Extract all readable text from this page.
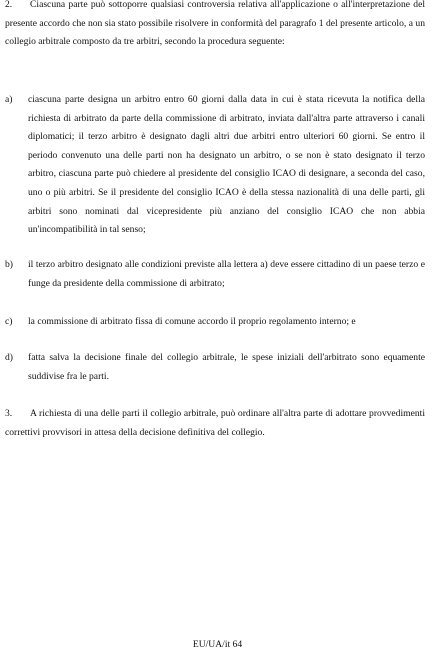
2. Ciascuna parte può sottoporre qualsiasi controversia relativa all'applicazione o all'interpretazione del presente accordo che non sia stato possibile risolvere in conformità del paragrafo 1 del presente articolo, a un collegio arbitrale composto da tre arbitri, secondo la procedura seguente:

a) ciascuna parte designa un arbitro entro 60 giorni dalla data in cui è stata ricevuta la notifica della richiesta di arbitrato da parte della commissione di arbitrato, inviata dall'altra parte attraverso i canali diplomatici; il terzo arbitro è designato dagli altri due arbitri entro ulteriori 60 giorni. Se entro il periodo convenuto una delle parti non ha designato un arbitro, o se non è stato designato il terzo arbitro, ciascuna parte può chiedere al presidente del consiglio ICAO di designare, a seconda del caso, uno o più arbitri. Se il presidente del consiglio ICAO è della stessa nazionalità di una delle parti, gli arbitri sono nominati dal vicepresidente più anziano del consiglio ICAO che non abbia un'incompatibilità in tal senso;
b) il terzo arbitro designato alle condizioni previste alla lettera a) deve essere cittadino di un paese terzo e funge da presidente della commissione di arbitrato;
c) la commissione di arbitrato fissa di comune accordo il proprio regolamento interno; e
d) fatta salva la decisione finale del collegio arbitrale, le spese iniziali dell'arbitrato sono equamente suddivise fra le parti.

3. A richiesta di una delle parti il collegio arbitrale, può ordinare all'altra parte di adottare provvedimenti correttivi provvisori in attesa della decisione definitiva del collegio.

EU/UA/it 64
